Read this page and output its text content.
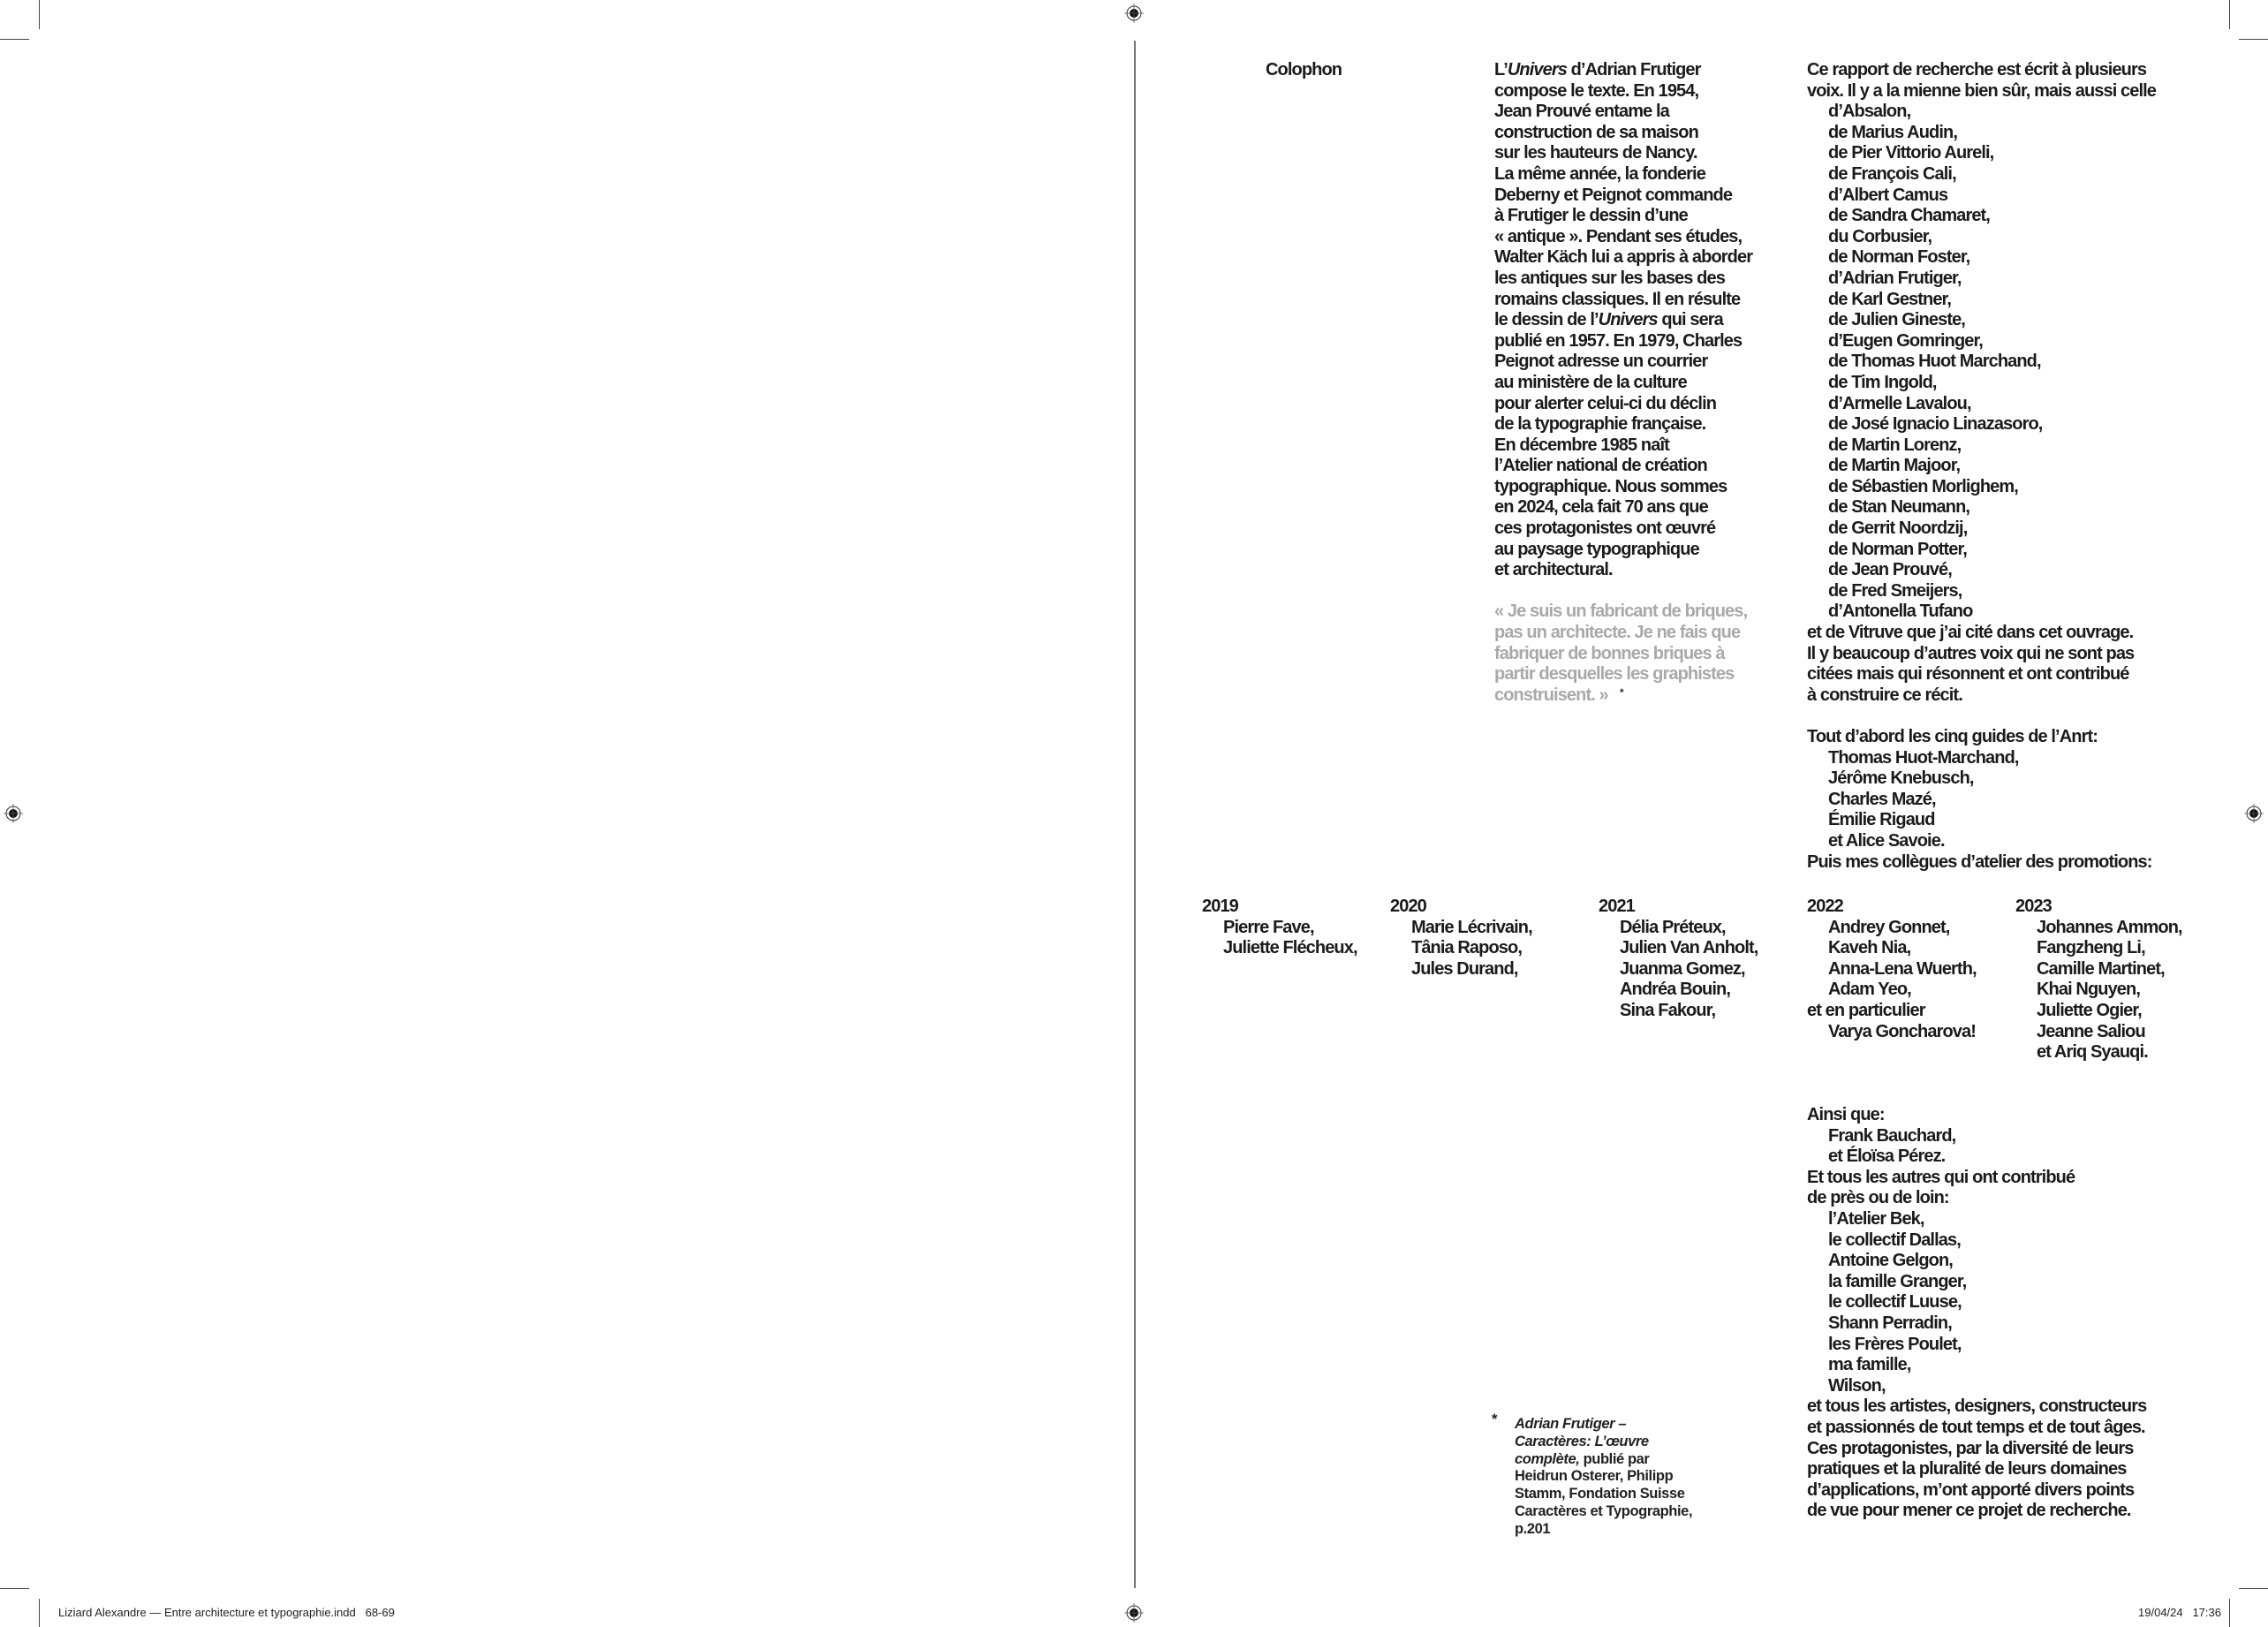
Colophon	L’Univers d’Adrian Frutiger
compose le texte. En 1954,
Jean Prouvé entame la
construction de sa maison
sur les hauteurs de Nancy.
La même année, la fonderie
Deberny et Peignot commande
à Frutiger le dessin d’une
« antique ». Pendant ses études,
Walter Käch lui a appris à aborder
les antiques sur les bases des
romains classiques. Il en résulte
le dessin de l’Univers qui sera
publié en 1957. En 1979, Charles
Peignot adresse un courrier
au ministère de la culture
pour alerter celui-ci du déclin
de la typographie française.
En décembre 1985 naît
l’Atelier national de création
typographique. Nous sommes
en 2024, cela fait 70 ans que
ces protagonistes ont œuvré
au paysage typographique
et architectural.
« Je suis un fabricant de briques,
pas un architecte. Je ne fais que
fabriquer de bonnes briques à
partir desquelles les graphistes
construisent. »	*
Ce rapport de recherche est écrit à plusieurs
voix. Il y a la mienne bien sûr, mais aussi celle
d’Absalon,
de Marius Audin,
de Pier Vittorio Aureli,
de François Cali,
d’Albert Camus
de Sandra Chamaret,
du Corbusier,
de Norman Foster,
d’Adrian Frutiger,
de Karl Gestner,
de Julien Gineste,
d’Eugen Gomringer,
de Thomas Huot Marchand,
de Tim Ingold,
d’Armelle Lavalou,
de José Ignacio Linazasoro,
de Martin Lorenz,
de Martin Majoor,
de Sébastien Morlighem,
de Stan Neumann,
de Gerrit Noordzij,
de Norman Potter,
de Jean Prouvé,
de Fred Smeijers,
d’Antonella Tufano
et de Vitruve que j’ai cité dans cet ouvrage.
Il y beaucoup d’autres voix qui ne sont pas
citées mais qui résonnent et ont contribué
à construire ce récit.
Tout d’abord les cinq guides de l’Anrt:
Thomas Huot-Marchand,
Jérôme Knebusch,
Charles Mazé,
Émilie Rigaud
et Alice Savoie.
Puis mes collègues d’atelier des promotions:
2019
Pierre Fave,
Juliette Flécheux,
2020
Marie Lécrivain,
Tânia Raposo,
Jules Durand,
2021
Délia Préteux,
Julien Van Anholt,
Juanma Gomez,
Andréa Bouin,
Sina Fakour,
2022
Andrey Gonnet,
Kaveh Nia,
Anna-Lena Wuerth,
Adam Yeo,
et en particulier
Varya Goncharova!
2023
Johannes Ammon,
Fangzheng Li,
Camille Martinet,
Khai Nguyen,
Juliette Ogier,
Jeanne Saliou
et Ariq Syauqi.
Ainsi que:
Frank Bauchard,
et Éloïsa Pérez.
Et tous les autres qui ont contribué
de près ou de loin:
l’Atelier Bek,
le collectif Dallas,
Antoine Gelgon,
la famille Granger,
le collectif Luuse,
Shann Perradin,
les Frères Poulet,
ma famille,
Wilson,
et tous les artistes, designers, constructeurs
et passionnés de tout temps et de tout âges.
Ces protagonistes, par la diversité de leurs
pratiques et la pluralité de leurs domaines
d’applications, m’ont apporté divers points
de vue pour mener ce projet de recherche.
* Adrian Frutiger –
Caractères: L’œuvre
complète, publié par
Heidrun Osterer, Philipp
Stamm, Fondation Suisse
Caractères et Typographie,
p.201
Liziard Alexandre — Entre architecture et typographie.indd   68-69	19/04/24   17:36
